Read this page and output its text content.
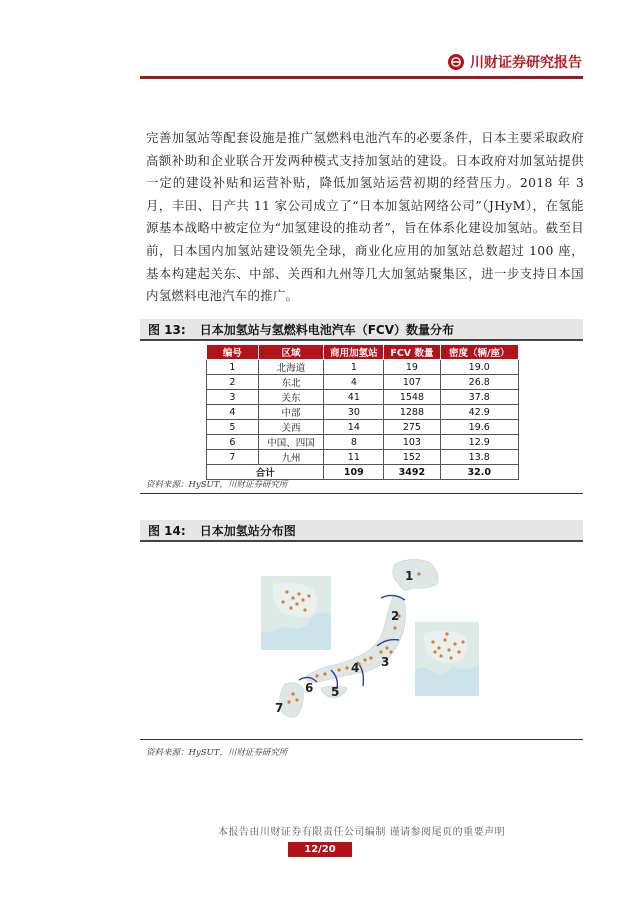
川财证券研究报告
完善加氢站等配套设施是推广氢燃料电池汽车的必要条件，日本主要采取政府高额补助和企业联合开发两种模式支持加氢站的建设。日本政府对加氢站提供一定的建设补贴和运营补贴，降低加氢站运营初期的经营压力。2018 年 3 月，丰田、日产共 11 家公司成立了“日本加氢站网络公司”（JHyM），在氢能源基本战略中被定位为“加氢建设的推动者”，旨在体系化建设加氢站。截至目前，日本国内加氢站建设领先全球，商业化应用的加氢站总数超过 100 座，基本构建起关东、中部、关西和九州等几大加氢站聚集区，进一步支持日本国内氢燃料电池汽车的推广。
图 13: 日本加氢站与氢燃料电池汽车（FCV）数量分布
编号	区域	商用加氢站	FCV 数量	密度（辆/座）
1	北海道	1	19	19.0
2	东北	4	107	26.8
3	关东	41	1548	37.8
4	中部	30	1288	42.9
5	关西	14	275	19.6
6	中国、四国	8	103	12.9
7	九州	11	152	13.8
合计		109	3492	32.0
资料来源：HySUT，川财证券研究所
图 14: 日本加氢站分布图
1
2
3
4
5
6
7
资料来源：HySUT，川财证券研究所
本报告由川财证券有限责任公司编制 谨请参阅尾页的重要声明
12/20
